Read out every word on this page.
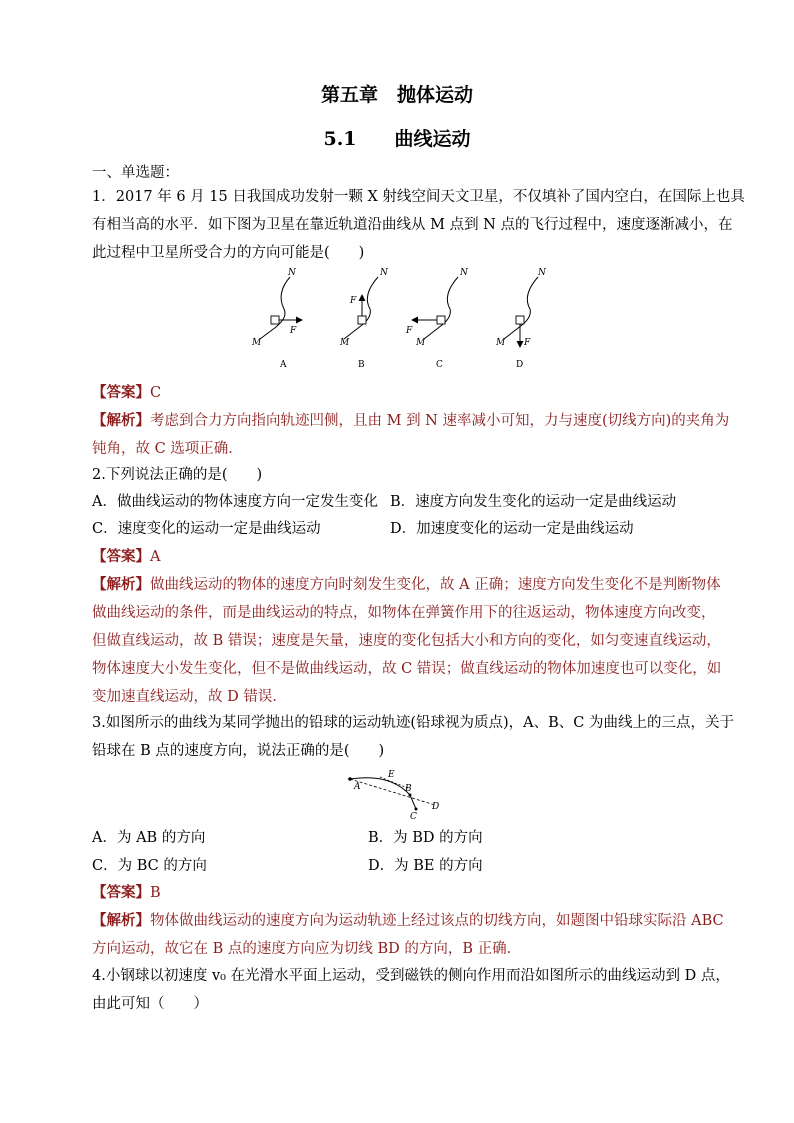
第五章　抛体运动
5.1　　曲线运动
一、单选题：
1．2017 年 6 月 15 日我国成功发射一颗 X 射线空间天文卫星，不仅填补了国内空白，在国际上也具
有相当高的水平．如下图为卫星在靠近轨道沿曲线从 M 点到 N 点的飞行过程中，速度逐渐减小，在
此过程中卫星所受合力的方向可能是(　　)
N
M
F
A
N
M
F
B
N
M
F
C
N
M F
D
【答案】C
【解析】考虑到合力方向指向轨迹凹侧，且由 M 到 N 速率减小可知，力与速度(切线方向)的夹角为
钝角，故 C 选项正确．
2.下列说法正确的是(　　)
A．做曲线运动的物体速度方向一定发生变化 B．速度方向发生变化的运动一定是曲线运动
C．速度变化的运动一定是曲线运动	D．加速度变化的运动一定是曲线运动
【答案】A
【解析】做曲线运动的物体的速度方向时刻发生变化，故 A 正确；速度方向发生变化不是判断物体
做曲线运动的条件，而是曲线运动的特点，如物体在弹簧作用下的往返运动，物体速度方向改变，
但做直线运动，故 B 错误；速度是矢量，速度的变化包括大小和方向的变化，如匀变速直线运动，
物体速度大小发生变化，但不是做曲线运动，故 C 错误；做直线运动的物体加速度也可以变化，如
变加速直线运动，故 D 错误．
3.如图所示的曲线为某同学抛出的铅球的运动轨迹(铅球视为质点)，A、B、C 为曲线上的三点，关于
铅球在 B 点的速度方向，说法正确的是(　　)
A
E
B
C
D
A．为 AB 的方向	B．为 BD 的方向
C．为 BC 的方向	D．为 BE 的方向
【答案】B
【解析】物体做曲线运动的速度方向为运动轨迹上经过该点的切线方向，如题图中铅球实际沿 ABC
方向运动，故它在 B 点的速度方向应为切线 BD 的方向，B 正确．
4.小钢球以初速度 v₀ 在光滑水平面上运动，受到磁铁的侧向作用而沿如图所示的曲线运动到 D 点，
由此可知（　　）
